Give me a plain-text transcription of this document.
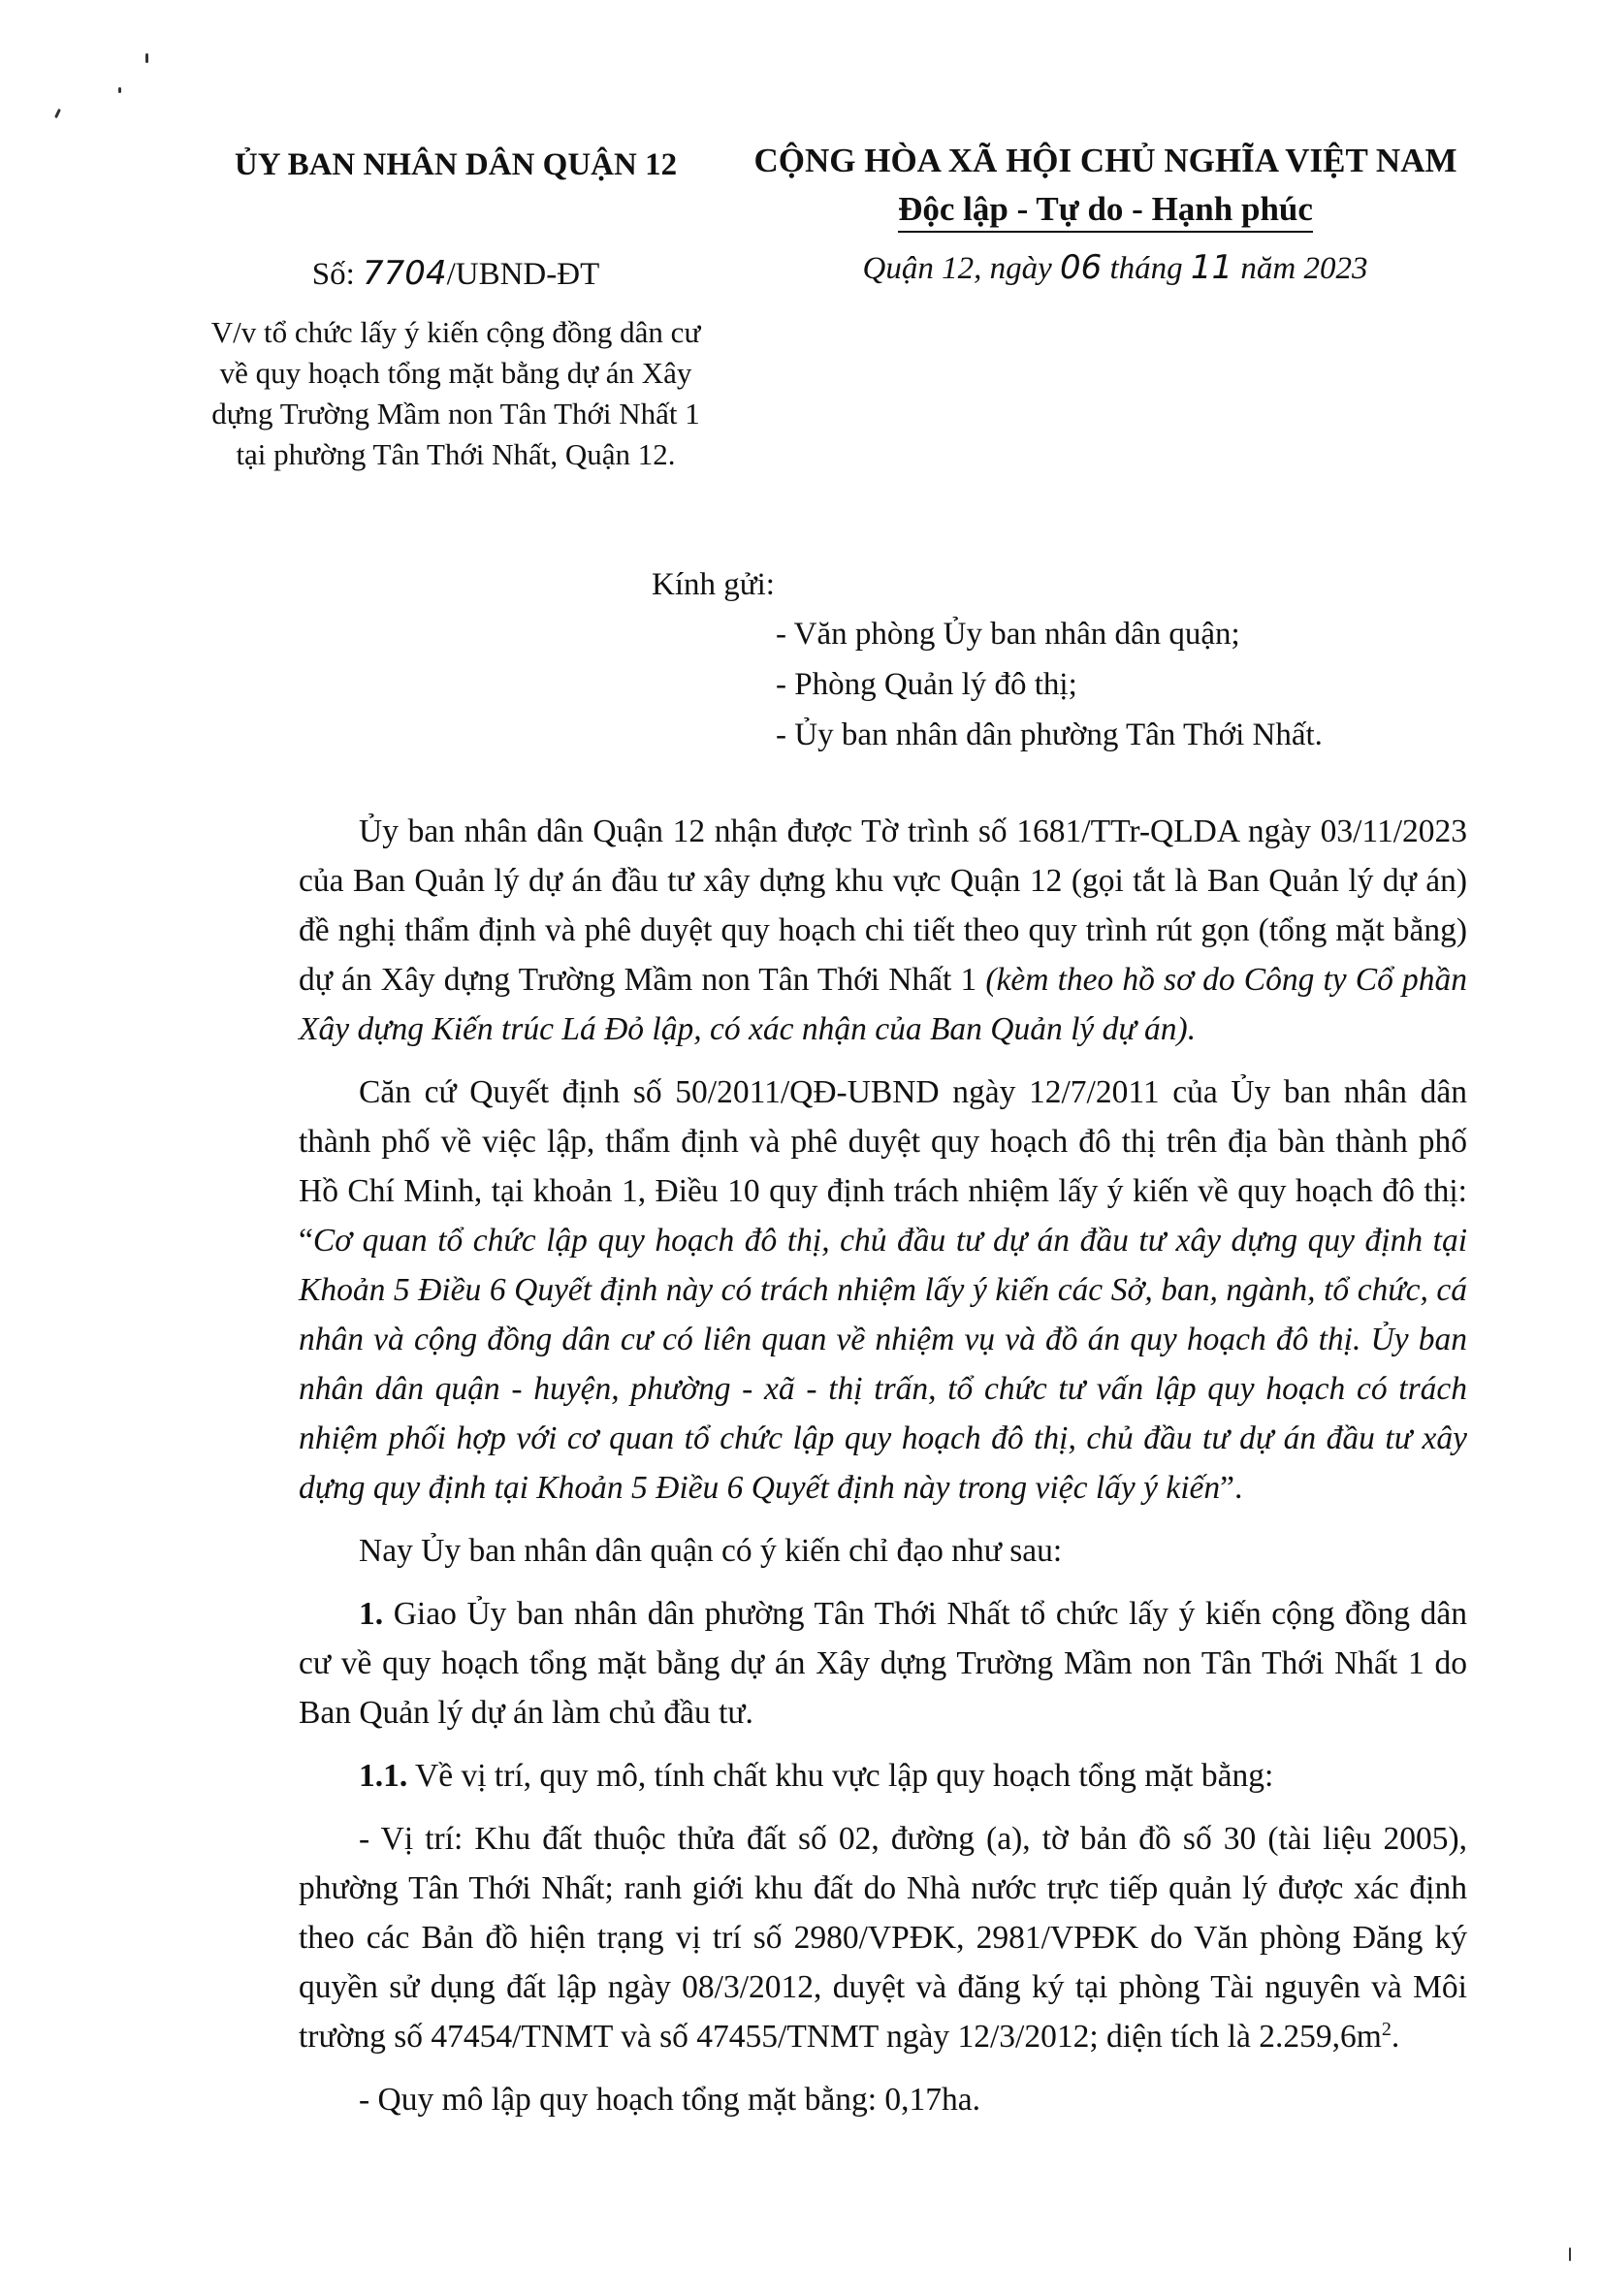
ỦY BAN NHÂN DÂN QUẬN 12
Số: 7704/UBND-ĐT
V/v tổ chức lấy ý kiến cộng đồng dân cư về quy hoạch tổng mặt bằng dự án Xây dựng Trường Mầm non Tân Thới Nhất 1 tại phường Tân Thới Nhất, Quận 12.
CỘNG HÒA XÃ HỘI CHỦ NGHĨA VIỆT NAM
Độc lập - Tự do - Hạnh phúc
Quận 12, ngày 06 tháng 11 năm 2023
Kính gửi:
- Văn phòng Ủy ban nhân dân quận;
- Phòng Quản lý đô thị;
- Ủy ban nhân dân phường Tân Thới Nhất.

Ủy ban nhân dân Quận 12 nhận được Tờ trình số 1681/TTr-QLDA ngày 03/11/2023 của Ban Quản lý dự án đầu tư xây dựng khu vực Quận 12 (gọi tắt là Ban Quản lý dự án) đề nghị thẩm định và phê duyệt quy hoạch chi tiết theo quy trình rút gọn (tổng mặt bằng) dự án Xây dựng Trường Mầm non Tân Thới Nhất 1 (kèm theo hồ sơ do Công ty Cổ phần Xây dựng Kiến trúc Lá Đỏ lập, có xác nhận của Ban Quản lý dự án).

Căn cứ Quyết định số 50/2011/QĐ-UBND ngày 12/7/2011 của Ủy ban nhân dân thành phố về việc lập, thẩm định và phê duyệt quy hoạch đô thị trên địa bàn thành phố Hồ Chí Minh, tại khoản 1, Điều 10 quy định trách nhiệm lấy ý kiến về quy hoạch đô thị: “Cơ quan tổ chức lập quy hoạch đô thị, chủ đầu tư dự án đầu tư xây dựng quy định tại Khoản 5 Điều 6 Quyết định này có trách nhiệm lấy ý kiến các Sở, ban, ngành, tổ chức, cá nhân và cộng đồng dân cư có liên quan về nhiệm vụ và đồ án quy hoạch đô thị. Ủy ban nhân dân quận - huyện, phường - xã - thị trấn, tổ chức tư vấn lập quy hoạch có trách nhiệm phối hợp với cơ quan tổ chức lập quy hoạch đô thị, chủ đầu tư dự án đầu tư xây dựng quy định tại Khoản 5 Điều 6 Quyết định này trong việc lấy ý kiến”.

Nay Ủy ban nhân dân quận có ý kiến chỉ đạo như sau:

1. Giao Ủy ban nhân dân phường Tân Thới Nhất tổ chức lấy ý kiến cộng đồng dân cư về quy hoạch tổng mặt bằng dự án Xây dựng Trường Mầm non Tân Thới Nhất 1 do Ban Quản lý dự án làm chủ đầu tư.

1.1. Về vị trí, quy mô, tính chất khu vực lập quy hoạch tổng mặt bằng:

- Vị trí: Khu đất thuộc thửa đất số 02, đường (a), tờ bản đồ số 30 (tài liệu 2005), phường Tân Thới Nhất; ranh giới khu đất do Nhà nước trực tiếp quản lý được xác định theo các Bản đồ hiện trạng vị trí số 2980/VPĐK, 2981/VPĐK do Văn phòng Đăng ký quyền sử dụng đất lập ngày 08/3/2012, duyệt và đăng ký tại phòng Tài nguyên và Môi trường số 47454/TNMT và số 47455/TNMT ngày 12/3/2012; diện tích là $2.259,6m^2$.

- Quy mô lập quy hoạch tổng mặt bằng: 0,17ha.
